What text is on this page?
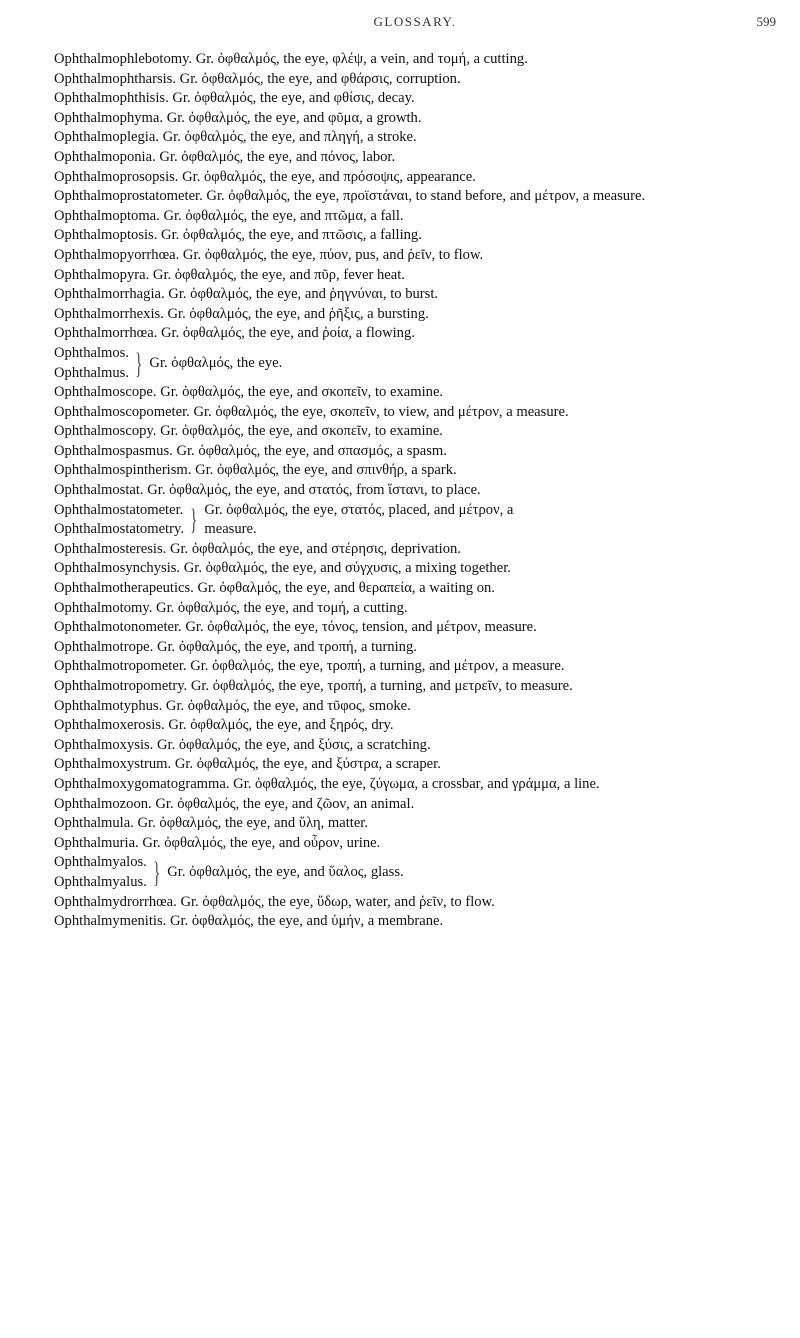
GLOSSARY.	599

Ophthalmophlebotomy. Gr. ὀφθαλμός, the eye, φλέψ, a vein, and τομή, a cutting.

Ophthalmophtharsis. Gr. ὀφθαλμός, the eye, and φθάρσις, corruption.

Ophthalmophthisis. Gr. ὀφθαλμός, the eye, and φθίσις, decay.

Ophthalmophyma. Gr. ὀφθαλμός, the eye, and φῦμα, a growth.

Ophthalmoplegia. Gr. ὀφθαλμός, the eye, and πληγή, a stroke.

Ophthalmoponia. Gr. ὀφθαλμός, the eye, and πόνος, labor.

Ophthalmoprosopsis. Gr. ὀφθαλμός, the eye, and πρόσοψις, appearance.

Ophthalmoprostatometer. Gr. ὀφθαλμός, the eye, προϊστάναι, to stand before, and μέτρον, a measure.

Ophthalmoptoma. Gr. ὀφθαλμός, the eye, and πτῶμα, a fall.

Ophthalmoptosis. Gr. ὀφθαλμός, the eye, and πτῶσις, a falling.

Ophthalmopyorrhœa. Gr. ὀφθαλμός, the eye, πύον, pus, and ῥεῖν, to flow.

Ophthalmopyra. Gr. ὀφθαλμός, the eye, and πῦρ, fever heat.

Ophthalmorrhagia. Gr. ὀφθαλμός, the eye, and ῥηγνύναι, to burst.

Ophthalmorrhexis. Gr. ὀφθαλμός, the eye, and ῥῆξις, a bursting.

Ophthalmorrhœa. Gr. ὀφθαλμός, the eye, and ῥοία, a flowing.

Ophthalmos.
Ophthalmus. } Gr. ὀφθαλμός, the eye.

Ophthalmoscope. Gr. ὀφθαλμός, the eye, and σκοπεῖν, to examine.

Ophthalmoscopometer. Gr. ὀφθαλμός, the eye, σκοπεῖν, to view, and μέτρον, a measure.

Ophthalmoscopy. Gr. ὀφθαλμός, the eye, and σκοπεῖν, to examine.

Ophthalmospasmus. Gr. ὀφθαλμός, the eye, and σπασμός, a spasm.

Ophthalmospintherism. Gr. ὀφθαλμός, the eye, and σπινθήρ, a spark.

Ophthalmostat. Gr. ὀφθαλμός, the eye, and στατός, from ἵστανι, to place.

Ophthalmostatometer.
Ophthalmostatometry. } Gr. ὀφθαλμός, the eye, στατός, placed, and μέτρον, a
measure.

Ophthalmosteresis. Gr. ὀφθαλμός, the eye, and στέρησις, deprivation.

Ophthalmosynchysis. Gr. ὀφθαλμός, the eye, and σύγχυσις, a mixing together.

Ophthalmotherapeutics. Gr. ὀφθαλμός, the eye, and θεραπεία, a waiting on.

Ophthalmotomy. Gr. ὀφθαλμός, the eye, and τομή, a cutting.

Ophthalmotonometer. Gr. ὀφθαλμός, the eye, τόνος, tension, and μέτρον, measure.

Ophthalmotrope. Gr. ὀφθαλμός, the eye, and τροπή, a turning.

Ophthalmotropometer. Gr. ὀφθαλμός, the eye, τροπή, a turning, and μέτρον, a measure.

Ophthalmotropometry. Gr. ὀφθαλμός, the eye, τροπή, a turning, and μετρεῖν, to measure.

Ophthalmotyphus. Gr. ὀφθαλμός, the eye, and τῦφος, smoke.

Ophthalmoxerosis. Gr. ὀφθαλμός, the eye, and ξηρός, dry.

Ophthalmoxysis. Gr. ὀφθαλμός, the eye, and ξύσις, a scratching.

Ophthalmoxystrum. Gr. ὀφθαλμός, the eye, and ξύστρα, a scraper.

Ophthalmoxygomatogramma. Gr. ὀφθαλμός, the eye, ζύγωμα, a crossbar, and γράμμα, a line.

Ophthalmozoon. Gr. ὀφθαλμός, the eye, and ζῶον, an animal.

Ophthalmula. Gr. ὀφθαλμός, the eye, and ὕλη, matter.

Ophthalmuria. Gr. ὀφθαλμός, the eye, and οὖρον, urine.

Ophthalmyalos.
Ophthalmyalus. } Gr. ὀφθαλμός, the eye, and ὕαλος, glass.

Ophthalmydrorrhœa. Gr. ὀφθαλμός, the eye, ὕδωρ, water, and ῥεῖν, to flow.

Ophthalmymenitis. Gr. ὀφθαλμός, the eye, and ὑμήν, a membrane.
